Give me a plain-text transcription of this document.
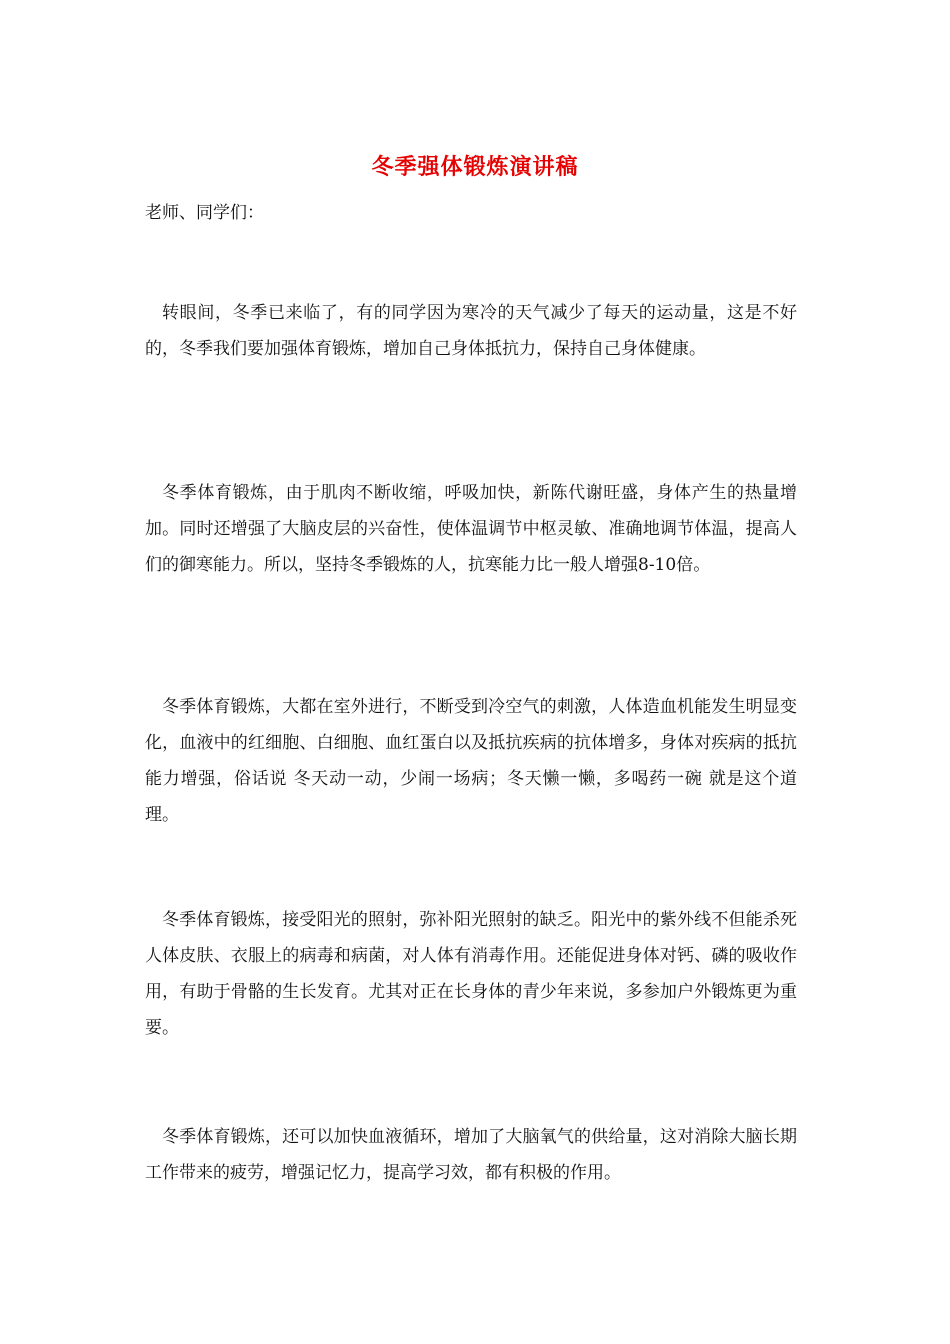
冬季强体锻炼演讲稿
老师、同学们：

转眼间，冬季已来临了，有的同学因为寒冷的天气减少了每天的运动量，这是不好的，冬季我们要加强体育锻炼，增加自己身体抵抗力，保持自己身体健康。

冬季体育锻炼，由于肌肉不断收缩，呼吸加快，新陈代谢旺盛，身体产生的热量增加。同时还增强了大脑皮层的兴奋性，使体温调节中枢灵敏、准确地调节体温，提高人们的御寒能力。所以，坚持冬季锻炼的人，抗寒能力比一般人增强8-10倍。

冬季体育锻炼，大都在室外进行，不断受到冷空气的刺激，人体造血机能发生明显变化，血液中的红细胞、白细胞、血红蛋白以及抵抗疾病的抗体增多，身体对疾病的抵抗能力增强，俗话说 冬天动一动，少闹一场病；冬天懒一懒，多喝药一碗 就是这个道理。

冬季体育锻炼，接受阳光的照射，弥补阳光照射的缺乏。阳光中的紫外线不但能杀死人体皮肤、衣服上的病毒和病菌，对人体有消毒作用。还能促进身体对钙、磷的吸收作用，有助于骨骼的生长发育。尤其对正在长身体的青少年来说，多参加户外锻炼更为重要。

冬季体育锻炼，还可以加快血液循环，增加了大脑氧气的供给量，这对消除大脑长期工作带来的疲劳，增强记忆力，提高学习效，都有积极的作用。
